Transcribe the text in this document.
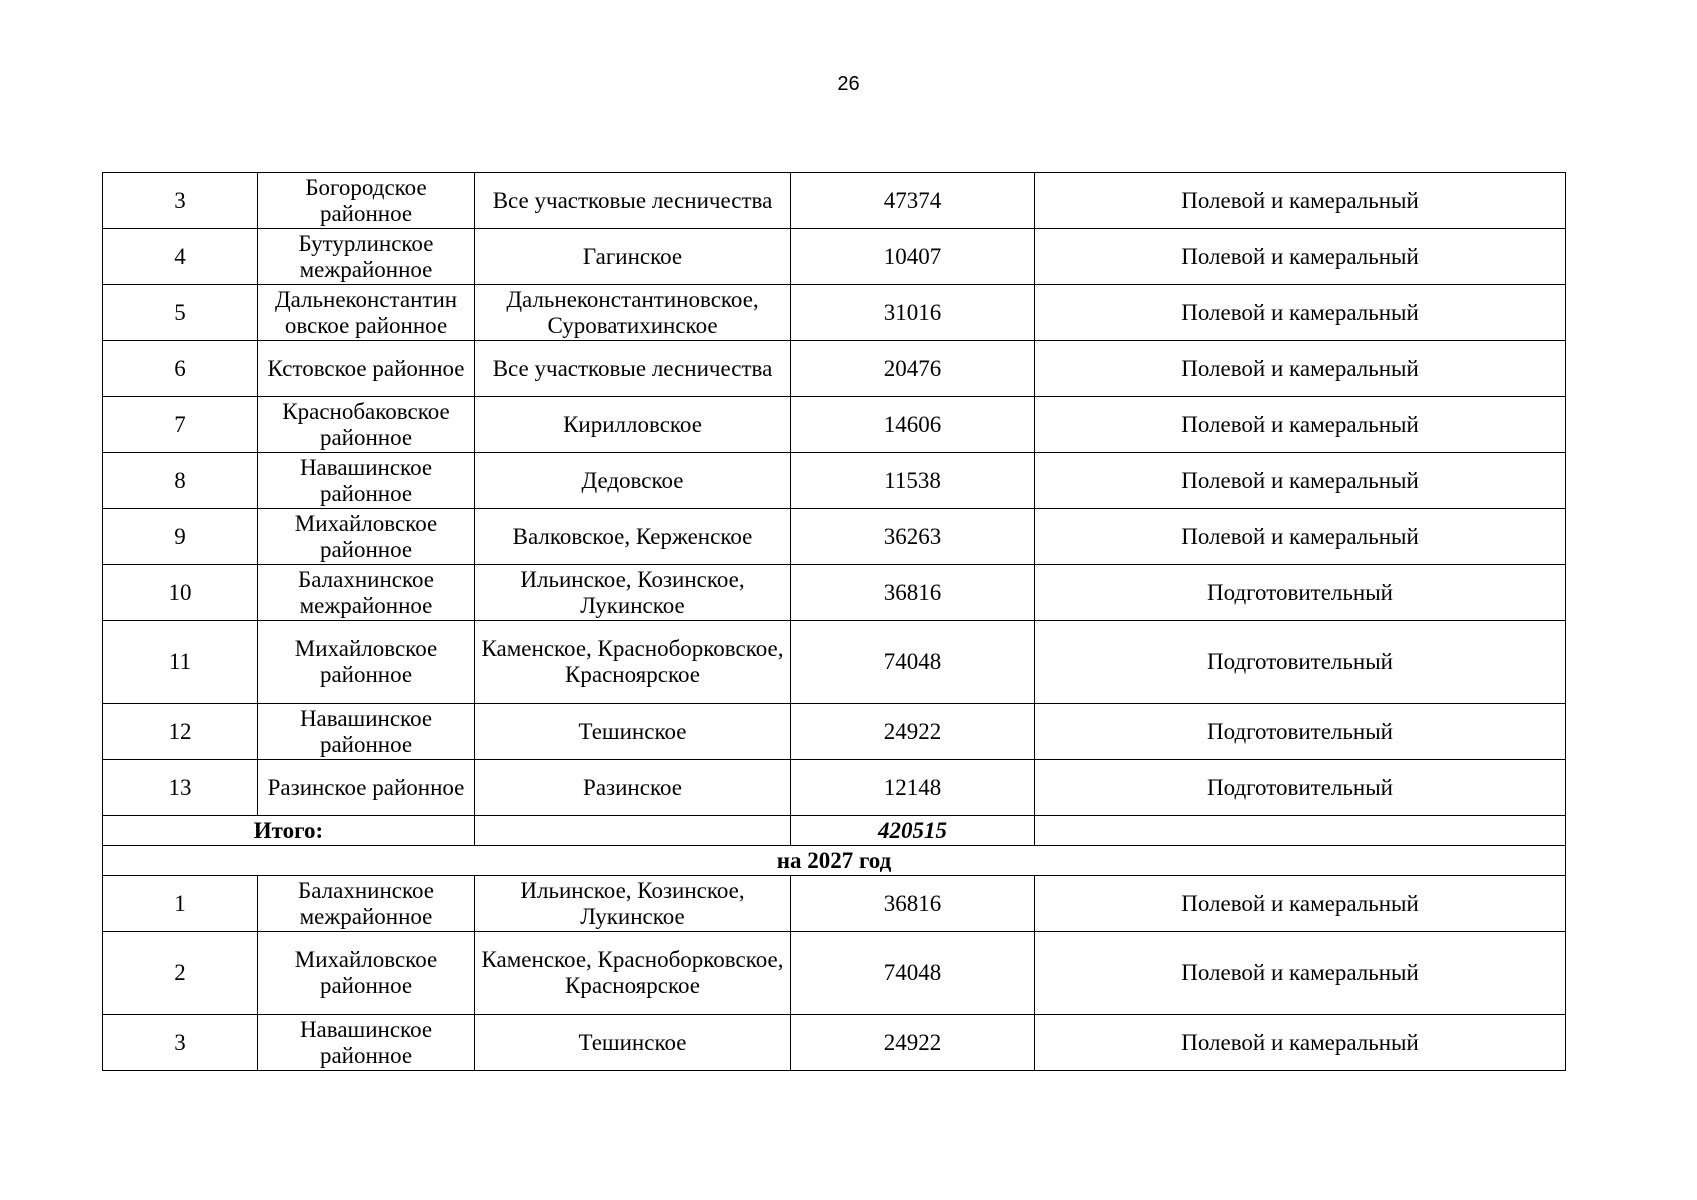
26
3	Богородское районное	Все участковые лесничества	47374	Полевой и камеральный
4	Бутурлинское межрайонное	Гагинское	10407	Полевой и камеральный
5	Дальнеконстантин овское районное	Дальнеконстантиновское, Суроватихинское	31016	Полевой и камеральный
6	Кстовское районное	Все участковые лесничества	20476	Полевой и камеральный
7	Краснобаковское районное	Кирилловское	14606	Полевой и камеральный
8	Навашинское районное	Дедовское	11538	Полевой и камеральный
9	Михайловское районное	Валковское, Керженское	36263	Полевой и камеральный
10	Балахнинское межрайонное	Ильинское, Козинское, Лукинское	36816	Подготовительный
11	Михайловское районное	Каменское, Красноборковское, Красноярское	74048	Подготовительный
12	Навашинское районное	Тешинское	24922	Подготовительный
13	Разинское районное	Разинское	12148	Подготовительный
Итого:			420515	
на 2027 год				
1	Балахнинское межрайонное	Ильинское, Козинское, Лукинское	36816	Полевой и камеральный
2	Михайловское районное	Каменское, Красноборковское, Красноярское	74048	Полевой и камеральный
3	Навашинское районное	Тешинское	24922	Полевой и камеральный
